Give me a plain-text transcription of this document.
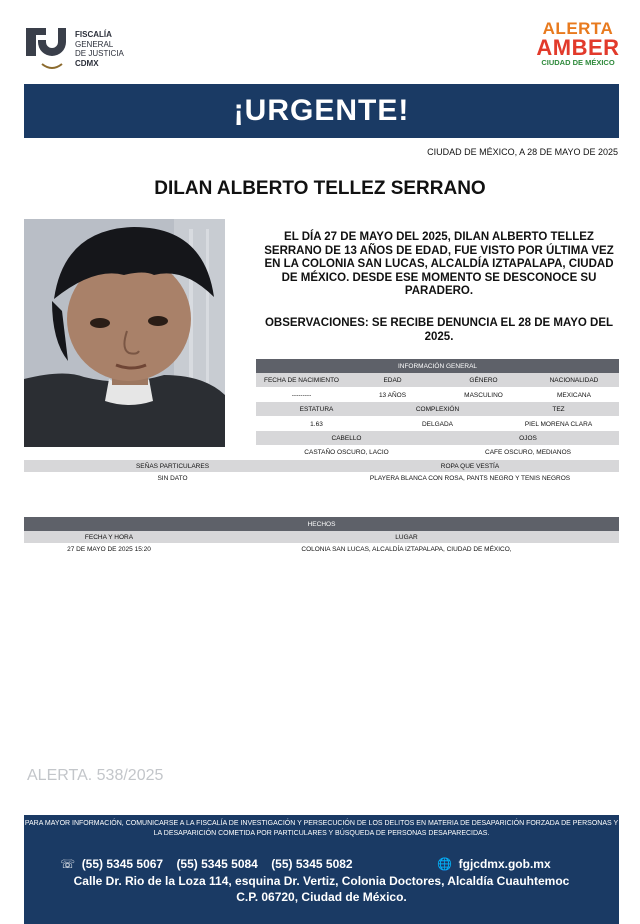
FISCALÍA
GENERAL
DE JUSTICIA
CDMX
ALERTA
AMBER
CIUDAD DE MÉXICO
¡URGENTE!
CIUDAD DE MÉXICO, A 28 DE MAYO DE 2025
DILAN ALBERTO TELLEZ SERRANO
EL DÍA 27 DE MAYO DEL 2025, DILAN ALBERTO TELLEZ SERRANO DE 13 AÑOS DE EDAD, FUE VISTO POR ÚLTIMA VEZ EN LA COLONIA SAN LUCAS, ALCALDÍA IZTAPALAPA, CIUDAD DE MÉXICO. DESDE ESE MOMENTO SE DESCONOCE SU PARADERO.
OBSERVACIONES: SE RECIBE DENUNCIA EL 28 DE MAYO DEL 2025.
INFORMACIÓN GENERAL
FECHA DE NACIMIENTO	EDAD	GÉNERO	NACIONALIDAD
---------	13 AÑOS	MASCULINO	MEXICANA
ESTATURA	COMPLEXIÓN	TEZ
1.63	DELGADA	PIEL MORENA CLARA
CABELLO	OJOS
CASTAÑO OSCURO, LACIO	CAFE OSCURO, MEDIANOS
SEÑAS PARTICULARES	ROPA QUE VESTÍA
SIN DATO	PLAYERA BLANCA CON ROSA, PANTS NEGRO Y TENIS NEGROS
HECHOS
FECHA Y HORA	LUGAR
27 DE MAYO DE 2025 15:20	COLONIA SAN LUCAS, ALCALDÍA IZTAPALAPA, CIUDAD DE MÉXICO,
ALERTA. 538/2025
PARA MAYOR INFORMACIÓN, COMUNICARSE A LA FISCALÍA DE INVESTIGACIÓN Y PERSECUCIÓN DE LOS DELITOS EN MATERIA DE DESAPARICIÓN FORZADA DE PERSONAS Y LA DESAPARICIÓN COMETIDA POR PARTICULARES Y BÚSQUEDA DE PERSONAS DESAPARECIDAS.
☏ (55) 5345 5067 (55) 5345 5084 (55) 5345 5082	🌐 fgjcdmx.gob.mx
Calle Dr. Rio de la Loza 114, esquina Dr. Vertiz, Colonia Doctores, Alcaldía Cuauhtemoc
C.P. 06720, Ciudad de México.
